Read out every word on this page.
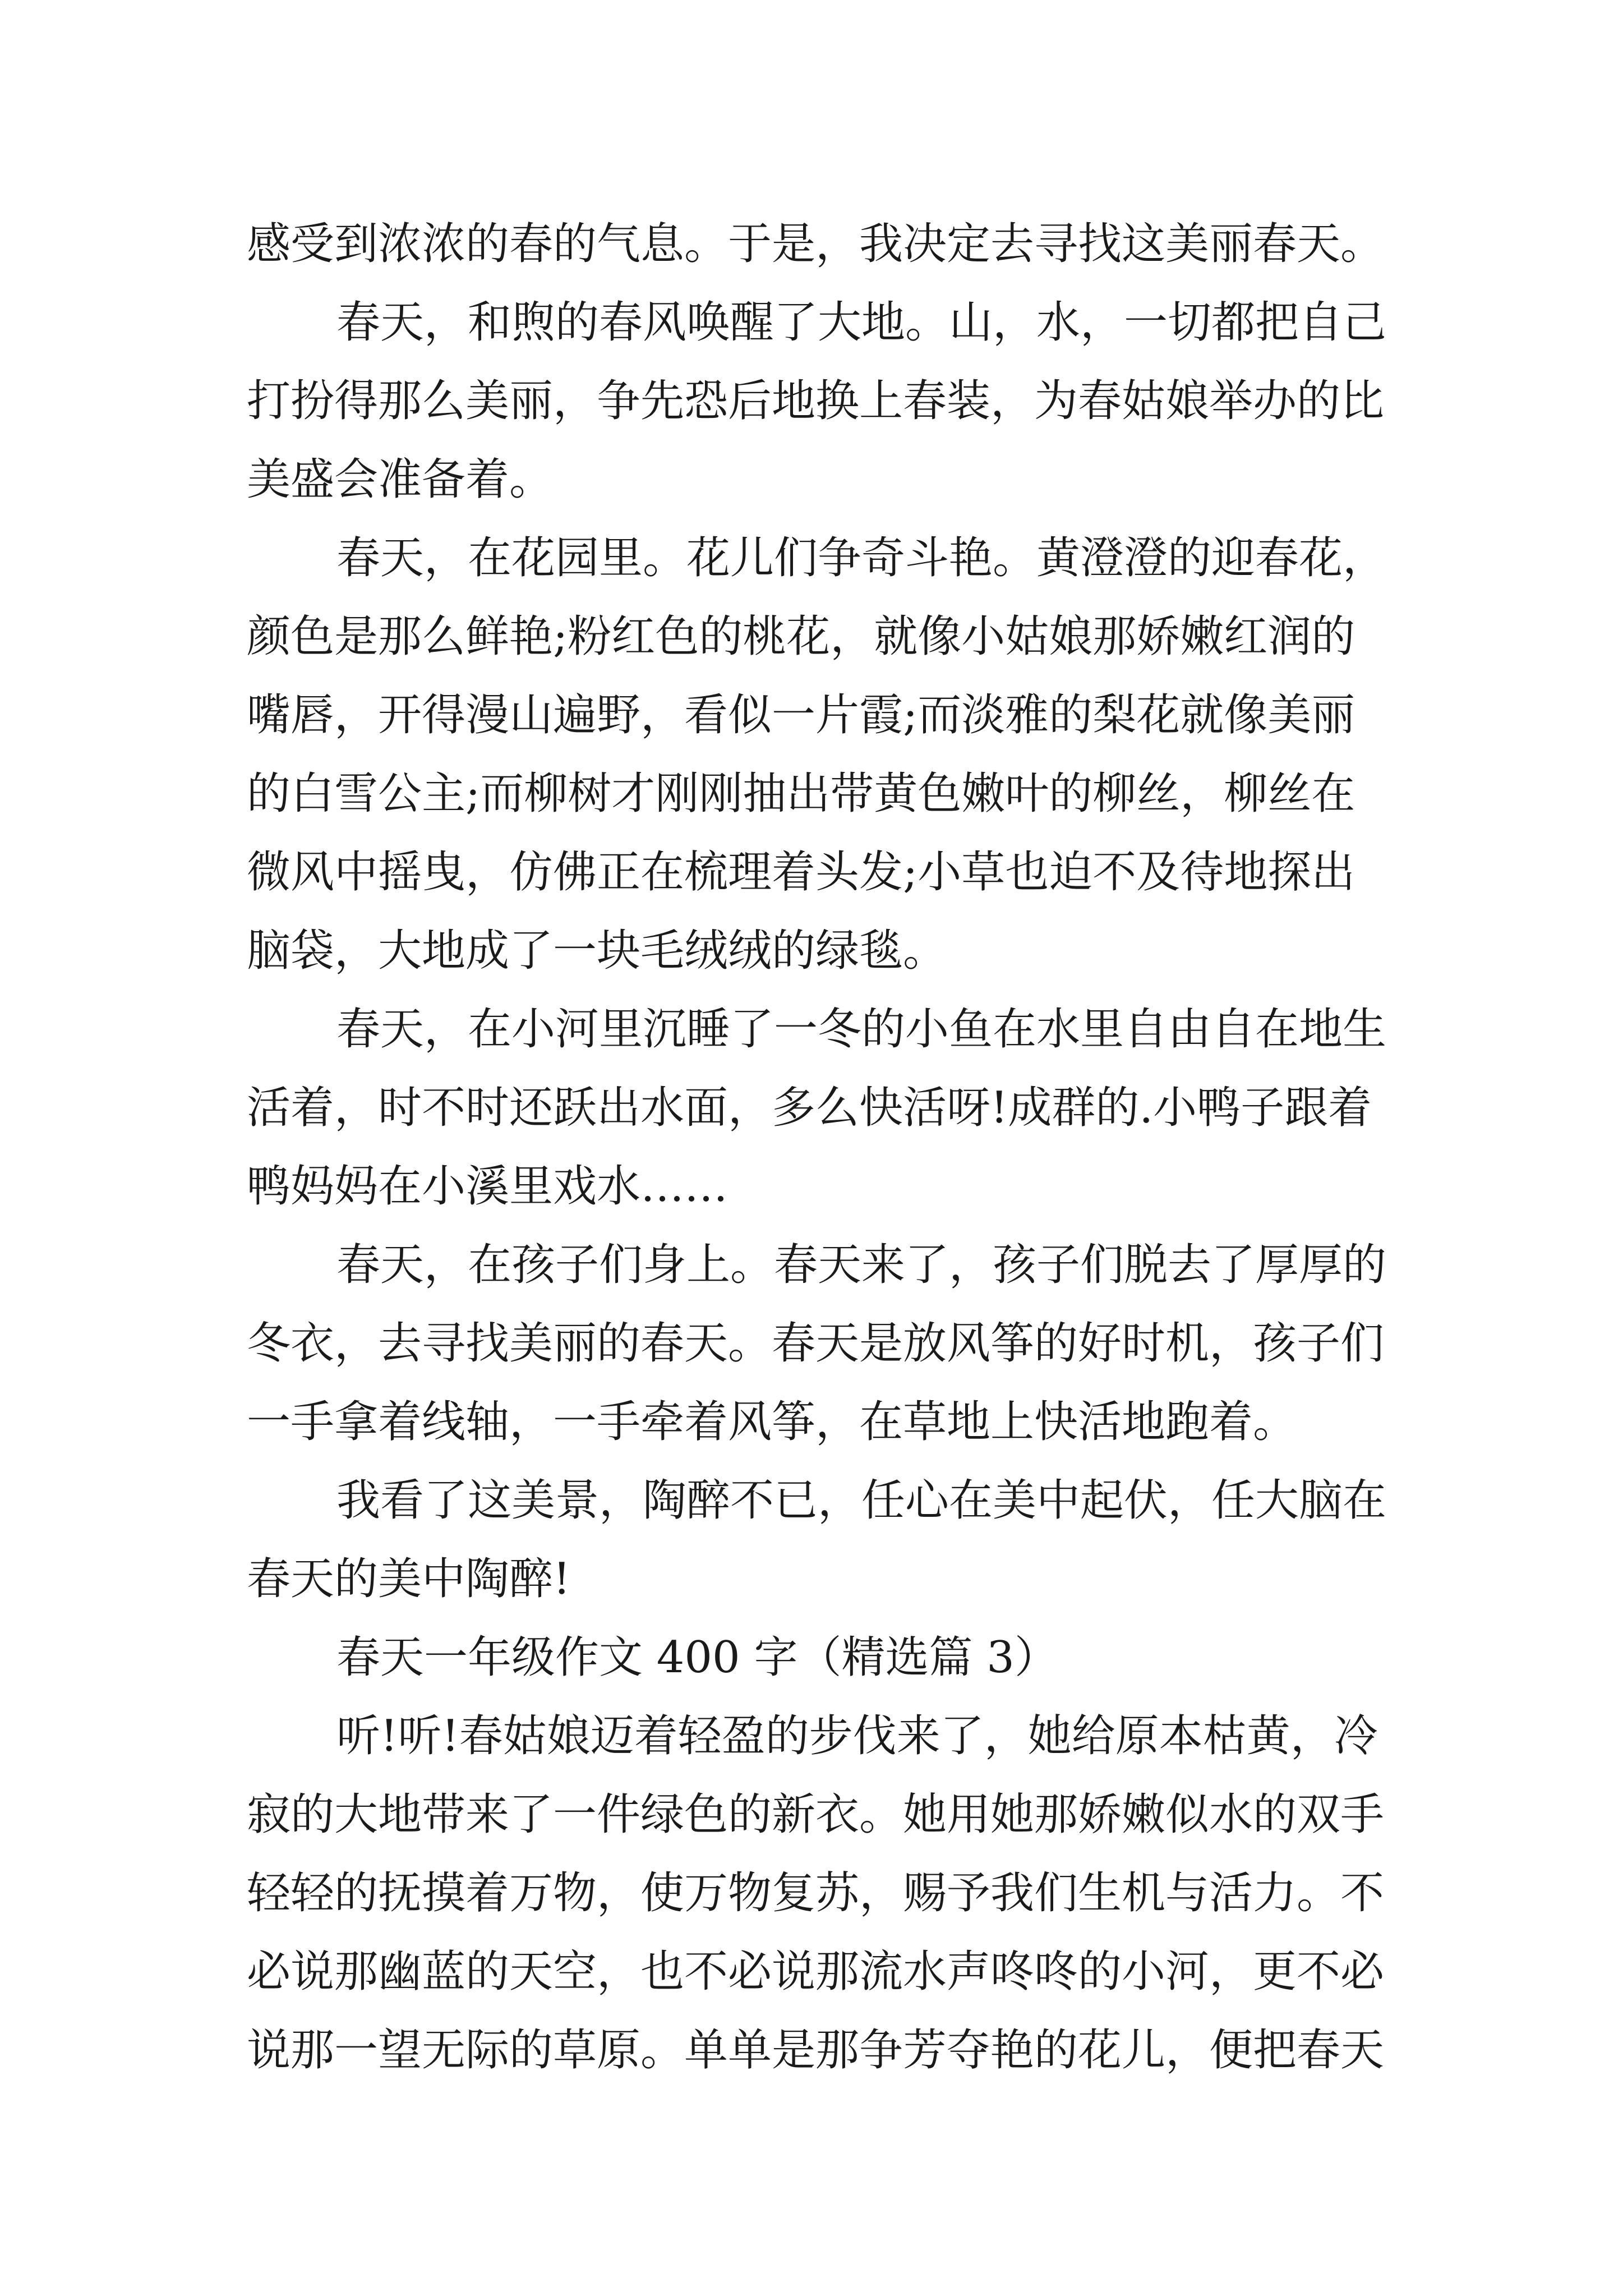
感受到浓浓的春的气息。于是，我决定去寻找这美丽春天。
春天，和煦的春风唤醒了大地。山，水，一切都把自己
打扮得那么美丽，争先恐后地换上春装，为春姑娘举办的比
美盛会准备着。
春天，在花园里。花儿们争奇斗艳。黄澄澄的迎春花，
颜色是那么鲜艳;粉红色的桃花，就像小姑娘那娇嫩红润的
嘴唇，开得漫山遍野，看似一片霞;而淡雅的梨花就像美丽
的白雪公主;而柳树才刚刚抽出带黄色嫩叶的柳丝，柳丝在
微风中摇曳，仿佛正在梳理着头发;小草也迫不及待地探出
脑袋，大地成了一块毛绒绒的绿毯。
春天，在小河里沉睡了一冬的小鱼在水里自由自在地生
活着，时不时还跃出水面，多么快活呀!成群的.小鸭子跟着
鸭妈妈在小溪里戏水……
春天，在孩子们身上。春天来了，孩子们脱去了厚厚的
冬衣，去寻找美丽的春天。春天是放风筝的好时机，孩子们
一手拿着线轴，一手牵着风筝，在草地上快活地跑着。
我看了这美景，陶醉不已，任心在美中起伏，任大脑在
春天的美中陶醉!
春天一年级作文 400 字（精选篇 3）
听!听!春姑娘迈着轻盈的步伐来了，她给原本枯黄，冷
寂的大地带来了一件绿色的新衣。她用她那娇嫩似水的双手
轻轻的抚摸着万物，使万物复苏，赐予我们生机与活力。不
必说那幽蓝的天空，也不必说那流水声咚咚的小河，更不必
说那一望无际的草原。单单是那争芳夺艳的花儿，便把春天
